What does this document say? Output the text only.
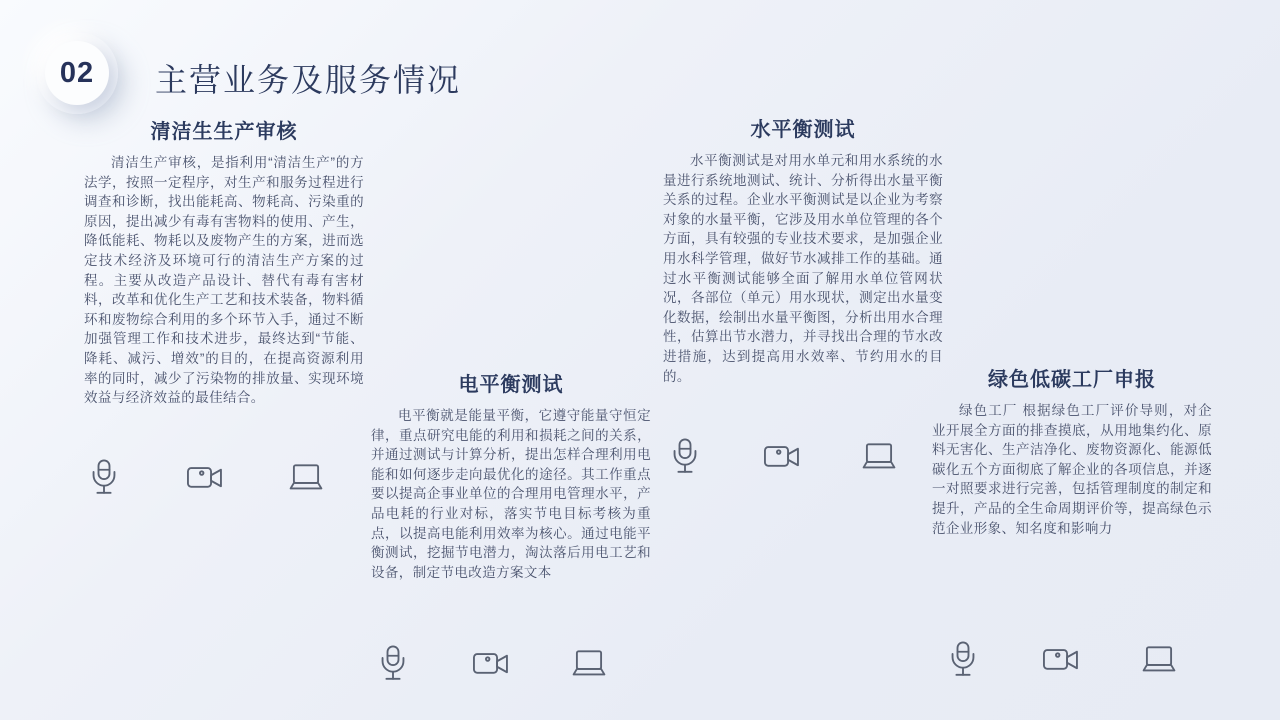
02 主营业务及服务情况
清洁生生产审核
清洁生产审核，是指利用“清洁生产”的方法学，按照一定程序，对生产和服务过程进行调查和诊断，找出能耗高、物耗高、污染重的原因，提出减少有毒有害物料的使用、产生，降低能耗、物耗以及废物产生的方案，进而选定技术经济及环境可行的清洁生产方案的过程。主要从改造产品设计、替代有毒有害材料，改革和优化生产工艺和技术装备，物料循环和废物综合利用的多个环节入手，通过不断加强管理工作和技术进步，最终达到“节能、降耗、减污、增效”的目的，在提高资源利用率的同时，减少了污染物的排放量、实现环境效益与经济效益的最佳结合。
电平衡测试
电平衡就是能量平衡，它遵守能量守恒定律，重点研究电能的利用和损耗之间的关系，并通过测试与计算分析，提出怎样合理利用电能和如何逐步走向最优化的途径。其工作重点要以提高企事业单位的合理用电管理水平，产品电耗的行业对标，落实节电目标考核为重点，以提高电能利用效率为核心。通过电能平衡测试，挖掘节电潜力，淘汰落后用电工艺和设备，制定节电改造方案文本
水平衡测试
水平衡测试是对用水单元和用水系统的水量进行系统地测试、统计、分析得出水量平衡关系的过程。企业水平衡测试是以企业为考察对象的水量平衡，它涉及用水单位管理的各个方面，具有较强的专业技术要求，是加强企业用水科学管理，做好节水减排工作的基础。通过水平衡测试能够全面了解用水单位管网状况，各部位（单元）用水现状，测定出水量变化数据，绘制出水量平衡图，分析出用水合理性，估算出节水潜力，并寻找出合理的节水改进措施，达到提高用水效率、节约用水的目的。	绿色低碳工厂申报
绿色工厂 根据绿色工厂评价导则，对企业开展全方面的排查摸底，从用地集约化、原料无害化、生产洁净化、废物资源化、能源低碳化五个方面彻底了解企业的各项信息，并逐一对照要求进行完善，包括管理制度的制定和提升，产品的全生命周期评价等，提高绿色示范企业形象、知名度和影响力
